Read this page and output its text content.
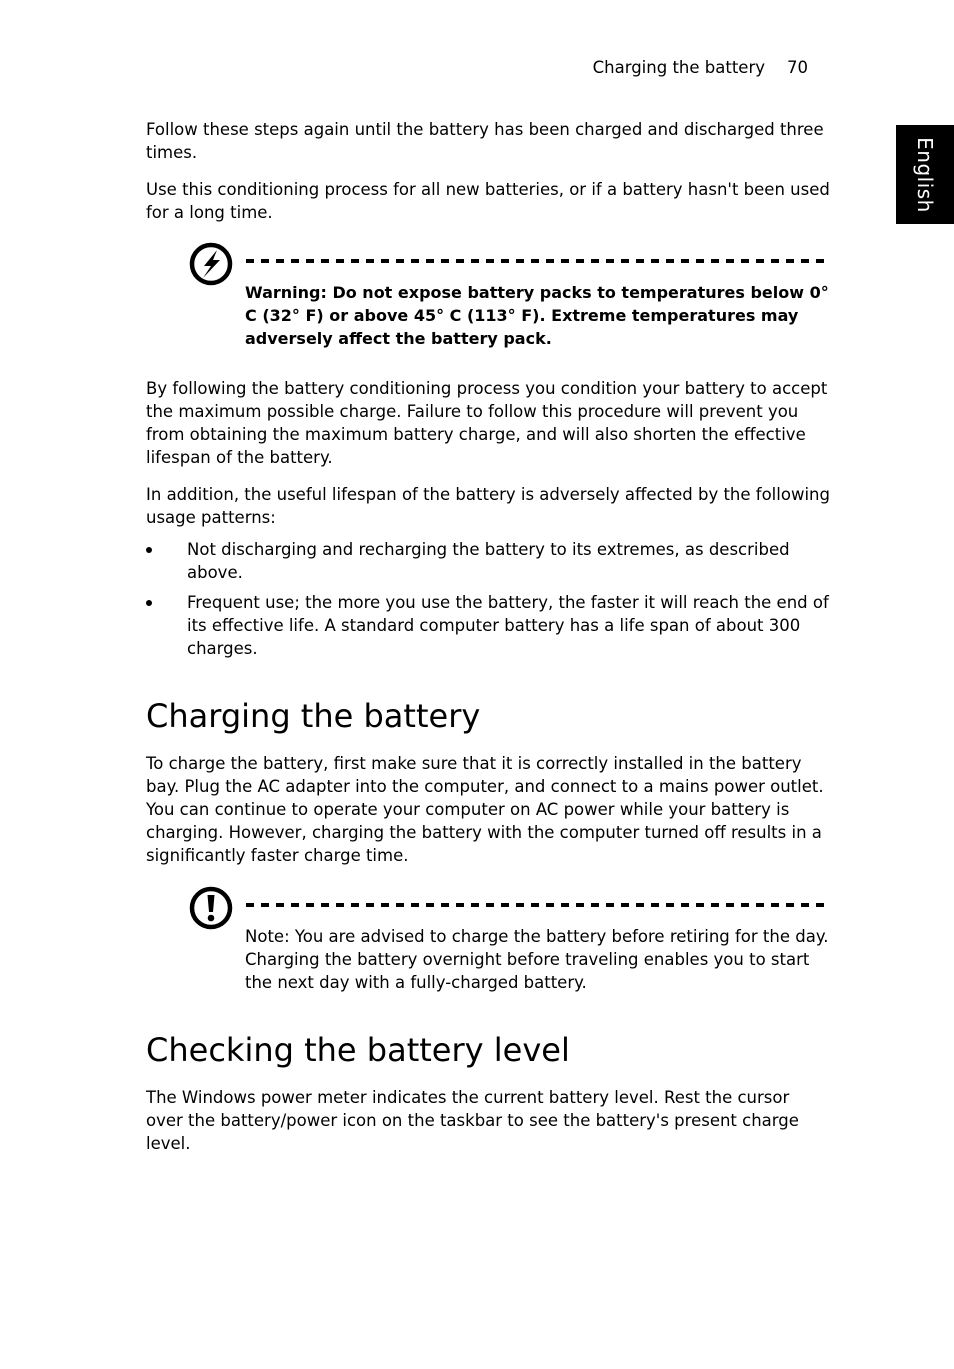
Charging the battery 70
English

Follow these steps again until the battery has been charged and discharged three times.

Use this conditioning process for all new batteries, or if a battery hasn't been used for a long time.

Warning: Do not expose battery packs to temperatures below 0° C (32° F) or above 45° C (113° F). Extreme temperatures may adversely affect the battery pack.

By following the battery conditioning process you condition your battery to accept the maximum possible charge. Failure to follow this procedure will prevent you from obtaining the maximum battery charge, and will also shorten the effective lifespan of the battery.

In addition, the useful lifespan of the battery is adversely affected by the following usage patterns:

Not discharging and recharging the battery to its extremes, as described above.
Frequent use; the more you use the battery, the faster it will reach the end of its effective life. A standard computer battery has a life span of about 300 charges.
Charging the battery

To charge the battery, first make sure that it is correctly installed in the battery bay. Plug the AC adapter into the computer, and connect to a mains power outlet. You can continue to operate your computer on AC power while your battery is charging. However, charging the battery with the computer turned off results in a significantly faster charge time.

Note: You are advised to charge the battery before retiring for the day. Charging the battery overnight before traveling enables you to start the next day with a fully-charged battery.
Checking the battery level

The Windows power meter indicates the current battery level. Rest the cursor over the battery/power icon on the taskbar to see the battery's present charge level.
